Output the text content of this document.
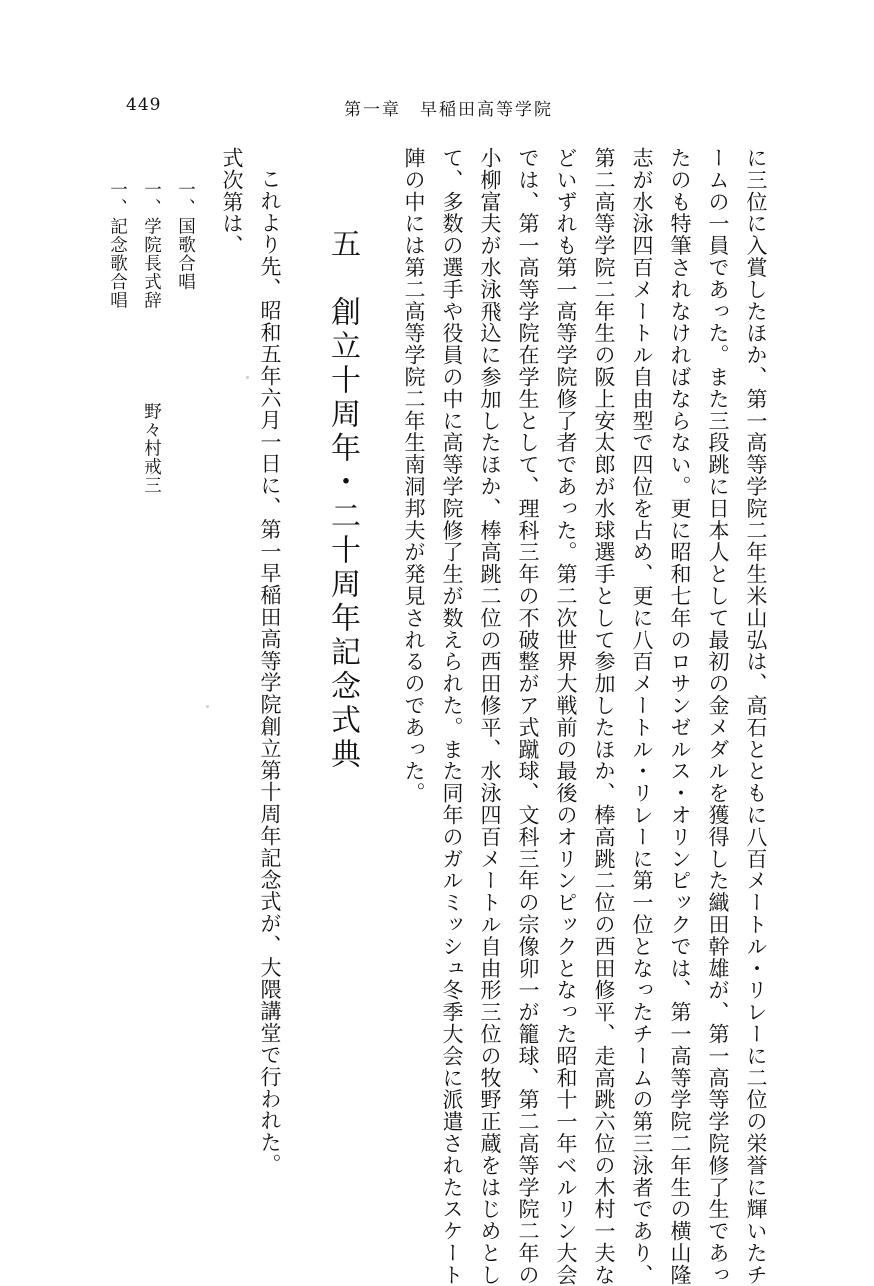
449	第一章　早稲田高等学院
に三位に入賞したほか、第一高等学院二年生米山弘は、高石とともに八百メートル・リレーに二位の栄誉に輝いたチ
ームの一員であった。また三段跳に日本人として最初の金メダルを獲得した織田幹雄が、第一高等学院修了生であっ
たのも特筆されなければならない。更に昭和七年のロサンゼルス・オリンピックでは、第一高等学院二年生の横山隆
志が水泳四百メートル自由型で四位を占め、更に八百メートル・リレーに第一位となったチームの第三泳者であり、
第二高等学院二年生の阪上安太郎が水球選手として参加したほか、棒高跳二位の西田修平、走高跳六位の木村一夫な
どいずれも第一高等学院修了者であった。第二次世界大戦前の最後のオリンピックとなった昭和十一年ベルリン大会
では、第一高等学院在学生として、理科三年の不破整がア式蹴球、文科三年の宗像卯一が籠球、第二高等学院二年の
小柳富夫が水泳飛込に参加したほか、棒高跳二位の西田修平、水泳四百メートル自由形三位の牧野正蔵をはじめとし
て、多数の選手や役員の中に高等学院修了生が数えられた。また同年のガルミッシュ冬季大会に派遣されたスケート
陣の中には第二高等学院二年生南洞邦夫が発見されるのであった。
五　創立十周年・二十周年記念式典
これより先、昭和五年六月一日に、第一早稲田高等学院創立第十周年記念式が、大隈講堂で行われた。
式次第は、
一、国歌合唱
一、学院長式辞
一、記念歌合唱
野々村戒三
